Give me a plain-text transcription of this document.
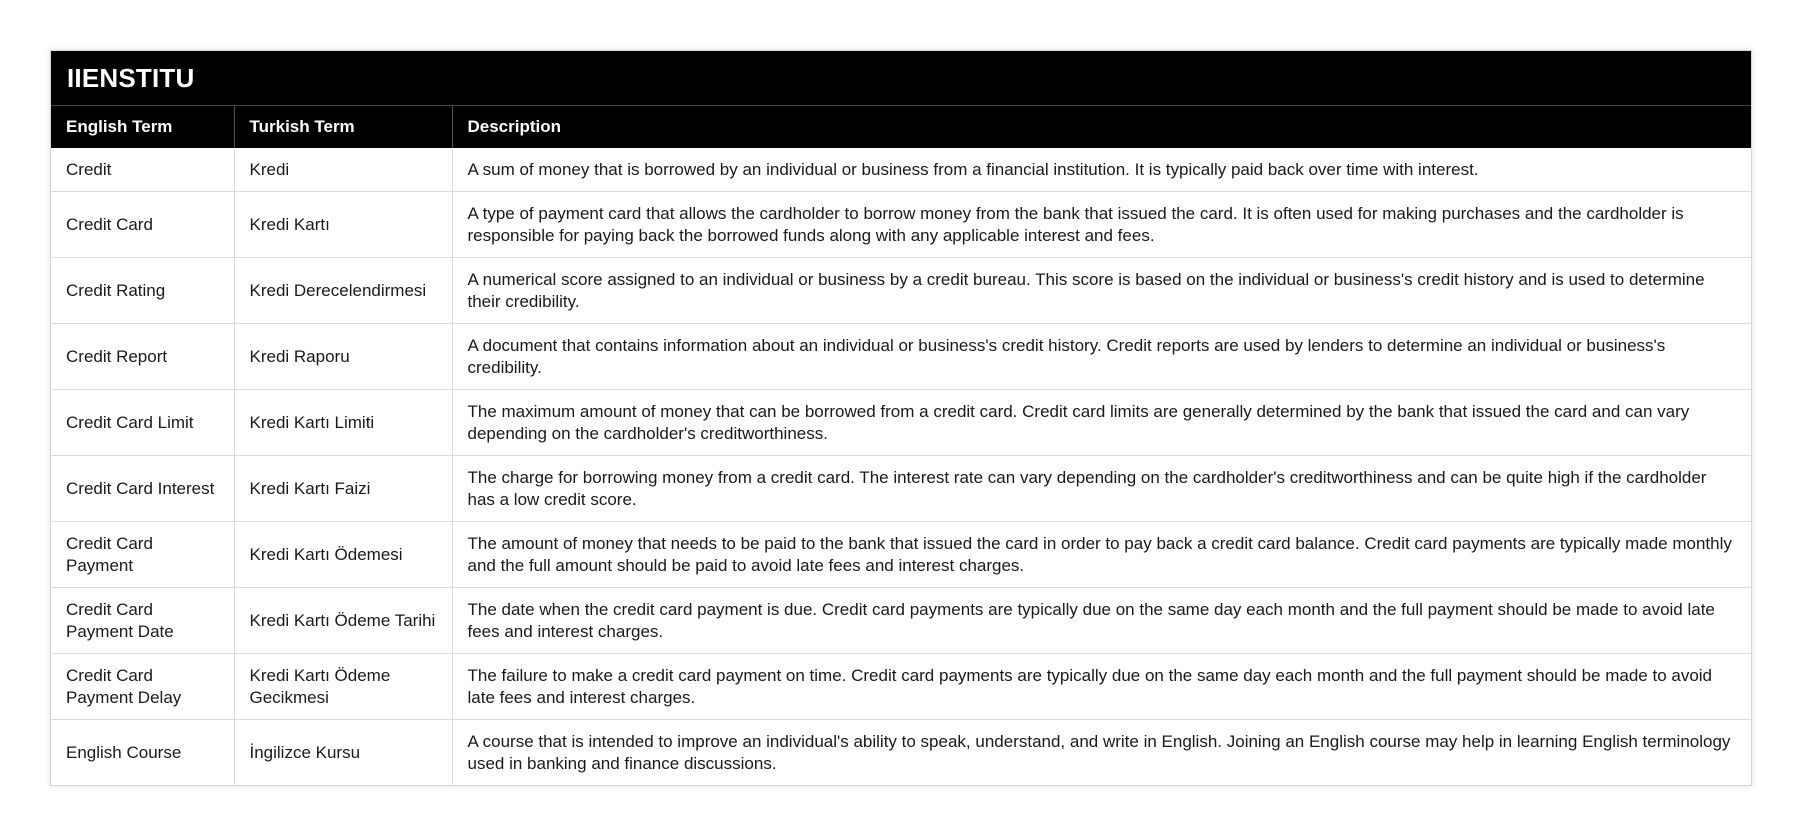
IIENSTITU
English Term	Turkish Term	Description
Credit	Kredi	A sum of money that is borrowed by an individual or business from a financial institution. It is typically paid back over time with interest.
Credit Card	Kredi Kartı	A type of payment card that allows the cardholder to borrow money from the bank that issued the card. It is often used for making purchases and the cardholder is responsible for paying back the borrowed funds along with any applicable interest and fees.
Credit Rating	Kredi Derecelendirmesi	A numerical score assigned to an individual or business by a credit bureau. This score is based on the individual or business's credit history and is used to determine their credibility.
Credit Report	Kredi Raporu	A document that contains information about an individual or business's credit history. Credit reports are used by lenders to determine an individual or business's credibility.
Credit Card Limit	Kredi Kartı Limiti	The maximum amount of money that can be borrowed from a credit card. Credit card limits are generally determined by the bank that issued the card and can vary depending on the cardholder's creditworthiness.
Credit Card Interest	Kredi Kartı Faizi	The charge for borrowing money from a credit card. The interest rate can vary depending on the cardholder's creditworthiness and can be quite high if the cardholder has a low credit score.
Credit Card Payment	Kredi Kartı Ödemesi	The amount of money that needs to be paid to the bank that issued the card in order to pay back a credit card balance. Credit card payments are typically made monthly and the full amount should be paid to avoid late fees and interest charges.
Credit Card Payment Date	Kredi Kartı Ödeme Tarihi	The date when the credit card payment is due. Credit card payments are typically due on the same day each month and the full payment should be made to avoid late fees and interest charges.
Credit Card Payment Delay	Kredi Kartı Ödeme Gecikmesi	The failure to make a credit card payment on time. Credit card payments are typically due on the same day each month and the full payment should be made to avoid late fees and interest charges.
English Course	İngilizce Kursu	A course that is intended to improve an individual's ability to speak, understand, and write in English. Joining an English course may help in learning English terminology used in banking and finance discussions.
